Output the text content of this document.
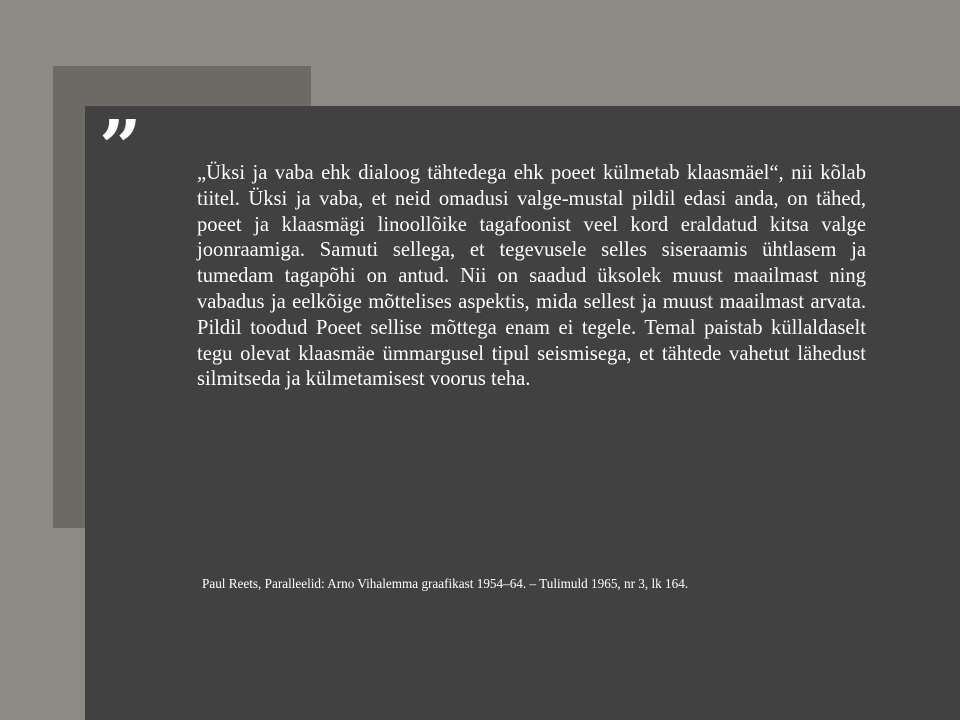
”	„Üksi ja vaba ehk dialoog tähtedega ehk poeet külmetab klaasmäel“, nii kõlab tiitel. Üksi ja vaba, et neid omadusi valge-mustal pildil edasi anda, on tähed, poeet ja klaasmägi linoollõike tagafoonist veel kord eraldatud kitsa valge joonraamiga. Samuti sellega, et tegevusele selles siseraamis ühtlasem ja tumedam tagapõhi on antud. Nii on saadud üksolek muust maailmast ning vabadus ja eelkõige mõttelises aspektis, mida sellest ja muust maailmast arvata. Pildil toodud Poeet sellise mõttega enam ei tegele. Temal paistab küllaldaselt tegu olevat klaasmäe ümmargusel tipul seismisega, et tähtede vahetut lähedust silmitseda ja külmetamisest voorus teha.

Paul Reets, Paralleelid: Arno Vihalemma graafikast 1954–64. – Tulimuld 1965, nr 3, lk 164.
